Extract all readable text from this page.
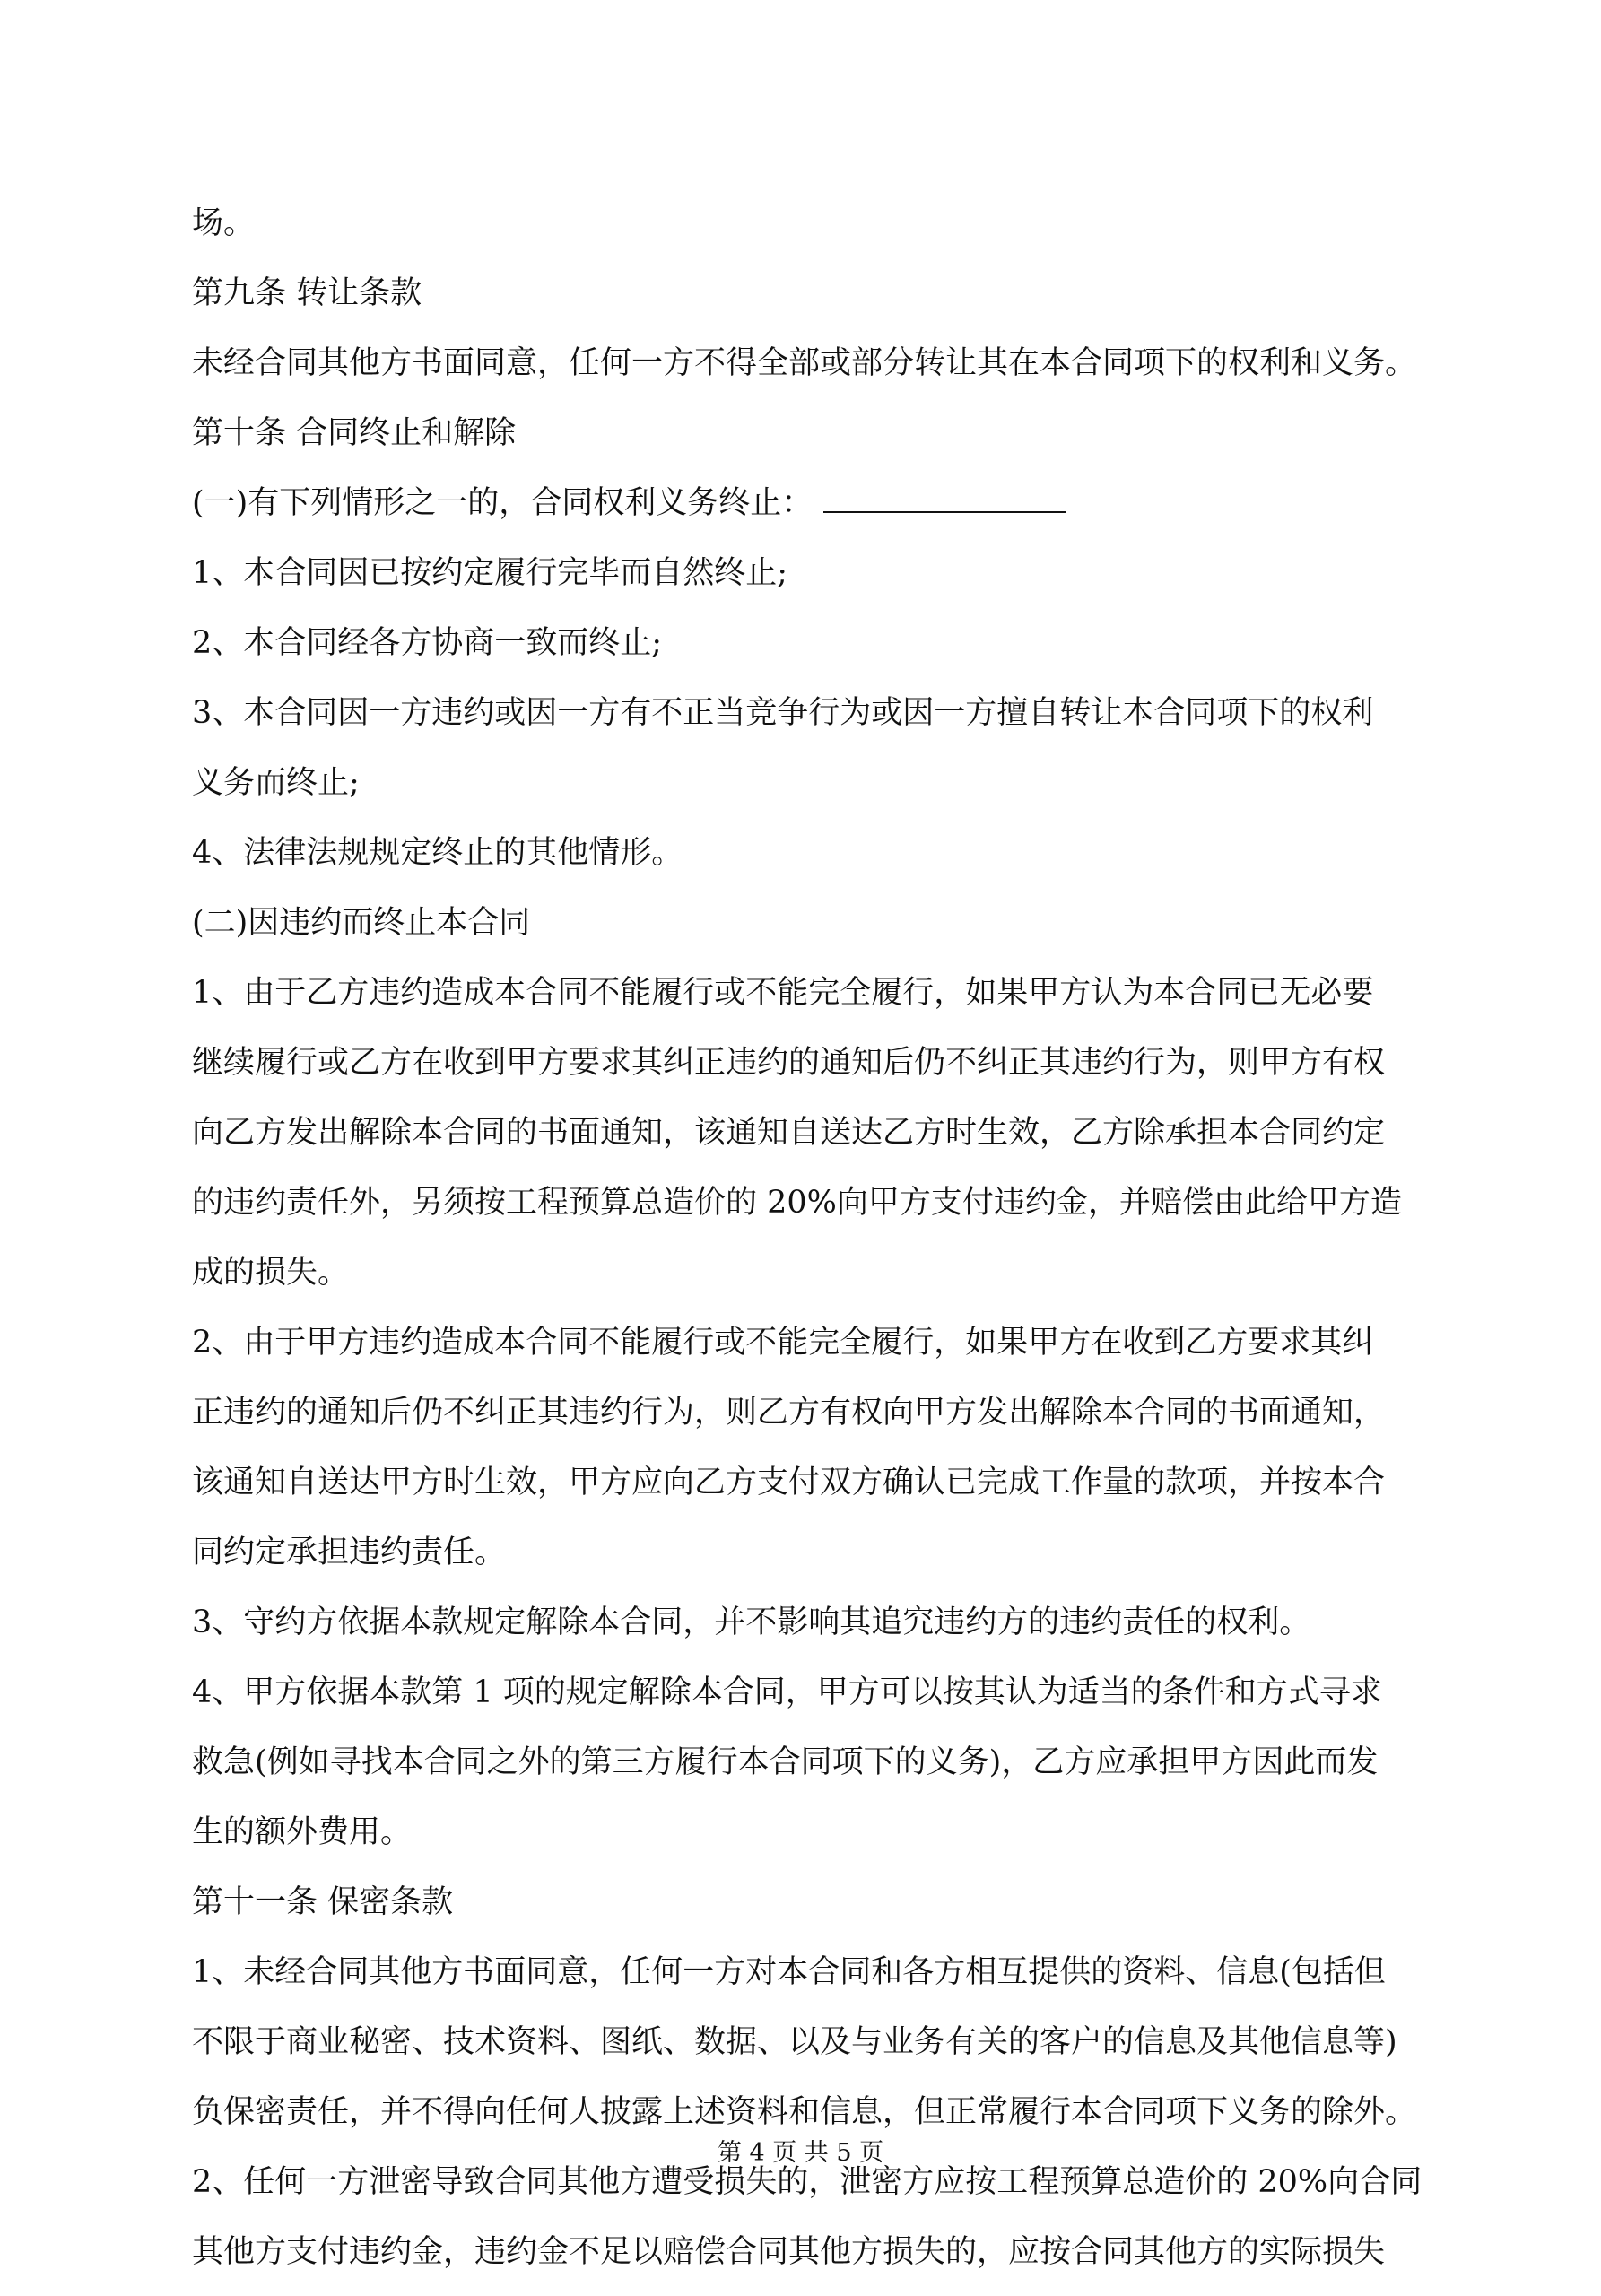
场。
第九条 转让条款
未经合同其他方书面同意，任何一方不得全部或部分转让其在本合同项下的权利和义务。
第十条 合同终止和解除
(一)有下列情形之一的，合同权利义务终止：
1、本合同因已按约定履行完毕而自然终止;
2、本合同经各方协商一致而终止;
3、本合同因一方违约或因一方有不正当竞争行为或因一方擅自转让本合同项下的权利
义务而终止;
4、法律法规规定终止的其他情形。
(二)因违约而终止本合同
1、由于乙方违约造成本合同不能履行或不能完全履行，如果甲方认为本合同已无必要
继续履行或乙方在收到甲方要求其纠正违约的通知后仍不纠正其违约行为，则甲方有权
向乙方发出解除本合同的书面通知，该通知自送达乙方时生效，乙方除承担本合同约定
的违约责任外，另须按工程预算总造价的 20%向甲方支付违约金，并赔偿由此给甲方造
成的损失。
2、由于甲方违约造成本合同不能履行或不能完全履行，如果甲方在收到乙方要求其纠
正违约的通知后仍不纠正其违约行为，则乙方有权向甲方发出解除本合同的书面通知，
该通知自送达甲方时生效，甲方应向乙方支付双方确认已完成工作量的款项，并按本合
同约定承担违约责任。
3、守约方依据本款规定解除本合同，并不影响其追究违约方的违约责任的权利。
4、甲方依据本款第 1 项的规定解除本合同，甲方可以按其认为适当的条件和方式寻求
救急(例如寻找本合同之外的第三方履行本合同项下的义务)，乙方应承担甲方因此而发
生的额外费用。
第十一条 保密条款
1、未经合同其他方书面同意，任何一方对本合同和各方相互提供的资料、信息(包括但
不限于商业秘密、技术资料、图纸、数据、以及与业务有关的客户的信息及其他信息等)
负保密责任，并不得向任何人披露上述资料和信息，但正常履行本合同项下义务的除外。
2、任何一方泄密导致合同其他方遭受损失的，泄密方应按工程预算总造价的 20%向合同
其他方支付违约金，违约金不足以赔偿合同其他方损失的，应按合同其他方的实际损失
第 4 页 共 5 页
